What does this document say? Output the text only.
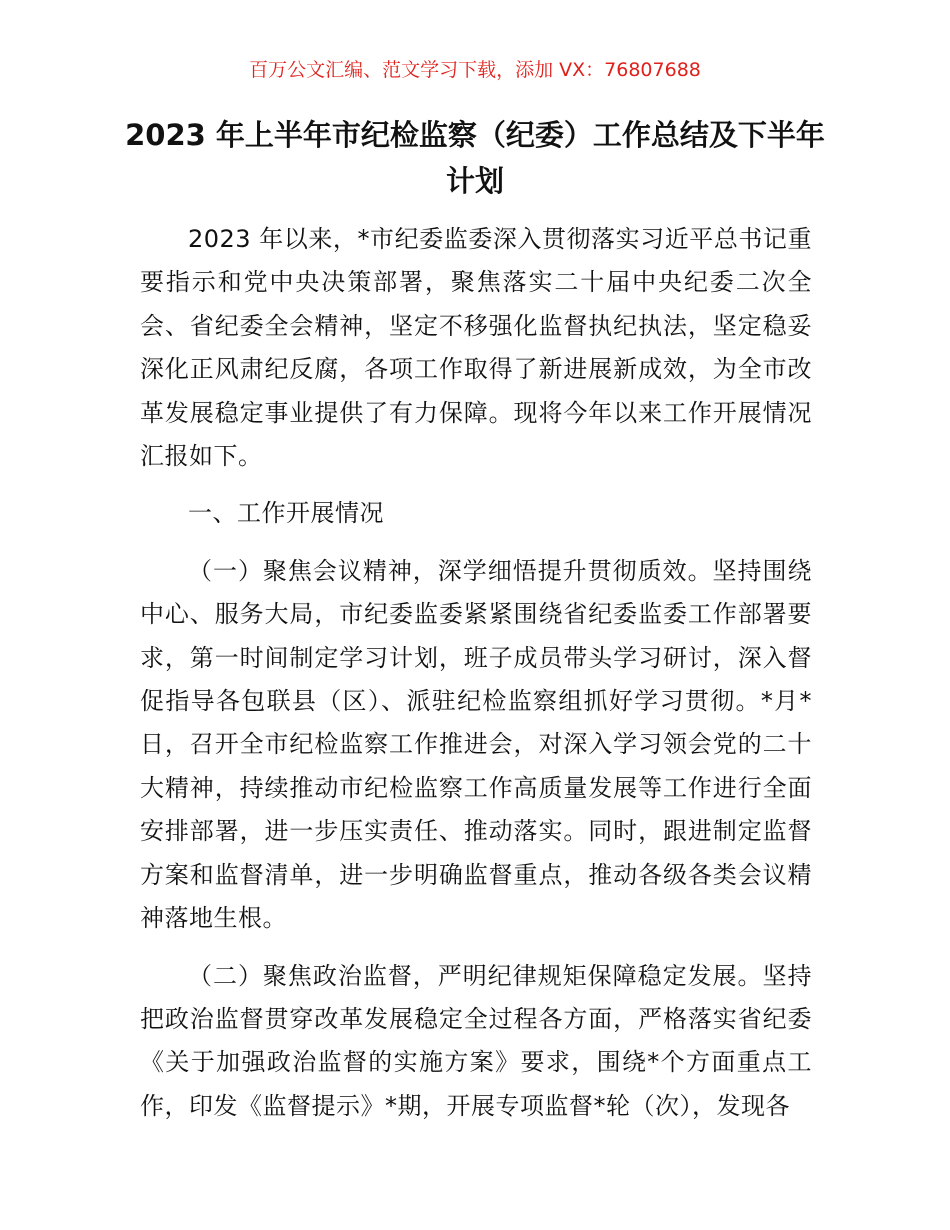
百万公文汇编、范文学习下载，添加 VX：76807688
2023 年上半年市纪检监察（纪委）工作总结及下半年计划

2023 年以来，*市纪委监委深入贯彻落实习近平总书记重要指示和党中央决策部署，聚焦落实二十届中央纪委二次全会、省纪委全会精神，坚定不移强化监督执纪执法，坚定稳妥深化正风肃纪反腐，各项工作取得了新进展新成效，为全市改革发展稳定事业提供了有力保障。现将今年以来工作开展情况汇报如下。

一、工作开展情况

（一）聚焦会议精神，深学细悟提升贯彻质效。坚持围绕中心、服务大局，市纪委监委紧紧围绕省纪委监委工作部署要求，第一时间制定学习计划，班子成员带头学习研讨，深入督促指导各包联县（区）、派驻纪检监察组抓好学习贯彻。*月*日，召开全市纪检监察工作推进会，对深入学习领会党的二十大精神，持续推动市纪检监察工作高质量发展等工作进行全面安排部署，进一步压实责任、推动落实。同时，跟进制定监督方案和监督清单，进一步明确监督重点，推动各级各类会议精神落地生根。

（二）聚焦政治监督，严明纪律规矩保障稳定发展。坚持把政治监督贯穿改革发展稳定全过程各方面，严格落实省纪委《关于加强政治监督的实施方案》要求，围绕*个方面重点工作，印发《监督提示》*期，开展专项监督*轮（次），发现各
